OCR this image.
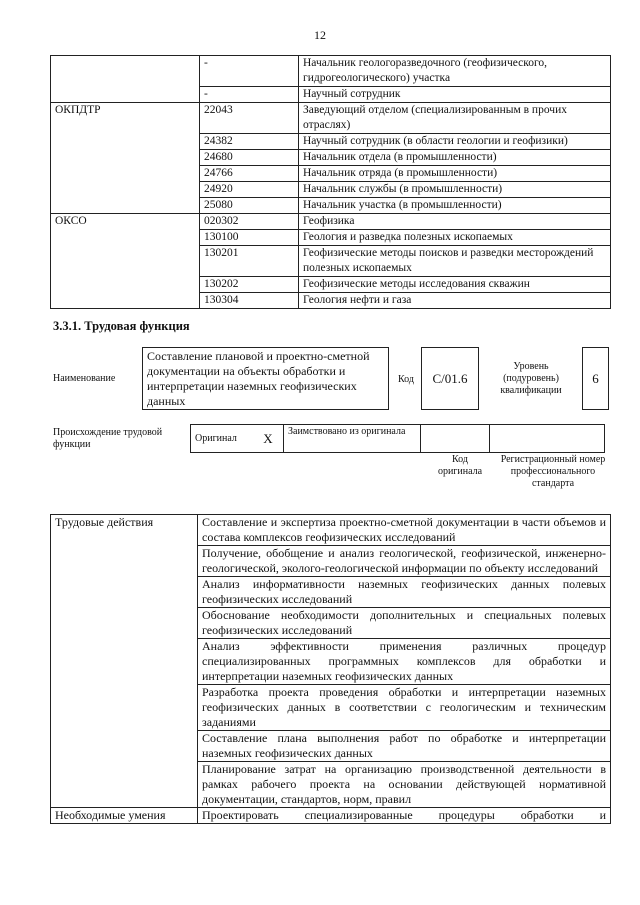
12
	-	Начальник геологоразведочного (геофизического, гидрогеологического) участка
	-	Научный сотрудник
ОКПДТР	22043	Заведующий отделом (специализированным в прочих отраслях)
	24382	Научный сотрудник (в области геологии и геофизики)
	24680	Начальник отдела (в промышленности)
	24766	Начальник отряда (в промышленности)
	24920	Начальник службы (в промышленности)
	25080	Начальник участка (в промышленности)
ОКСО	020302	Геофизика
	130100	Геология и разведка полезных ископаемых
	130201	Геофизические методы поисков и разведки месторождений полезных ископаемых
	130202	Геофизические методы исследования скважин
	130304	Геология нефти и газа
3.3.1. Трудовая функция
Наименование
Составление плановой и проектно-сметной документации на объекты обработки и интерпретации наземных геофизических данных
Код	С/01.6
Уровень (подуровень) квалификации
6
Происхождение трудовой функции
Оригинал	X	Заимствовано из оригинала		
Код оригинала
Регистрационный номер профессионального стандарта
Трудовые действия	Составление и экспертиза проектно-сметной документации в части объемов и состава комплексов геофизических исследований
	Получение, обобщение и анализ геологической, геофизической, инженерно-геологической, эколого-геологической информации по объекту исследований
	Анализ информативности наземных геофизических данных полевых геофизических исследований
	Обоснование необходимости дополнительных и специальных полевых геофизических исследований
	Анализ эффективности применения различных процедур специализированных программных комплексов для обработки и интерпретации наземных геофизических данных
	Разработка проекта проведения обработки и интерпретации наземных геофизических данных в соответствии с геологическим и техническим заданиями
	Составление плана выполнения работ по обработке и интерпретации наземных геофизических данных
	Планирование затрат на организацию производственной деятельности в рамках рабочего проекта на основании действующей нормативной документации, стандартов, норм, правил
Необходимые умения	Проектировать специализированные процедуры обработки и
